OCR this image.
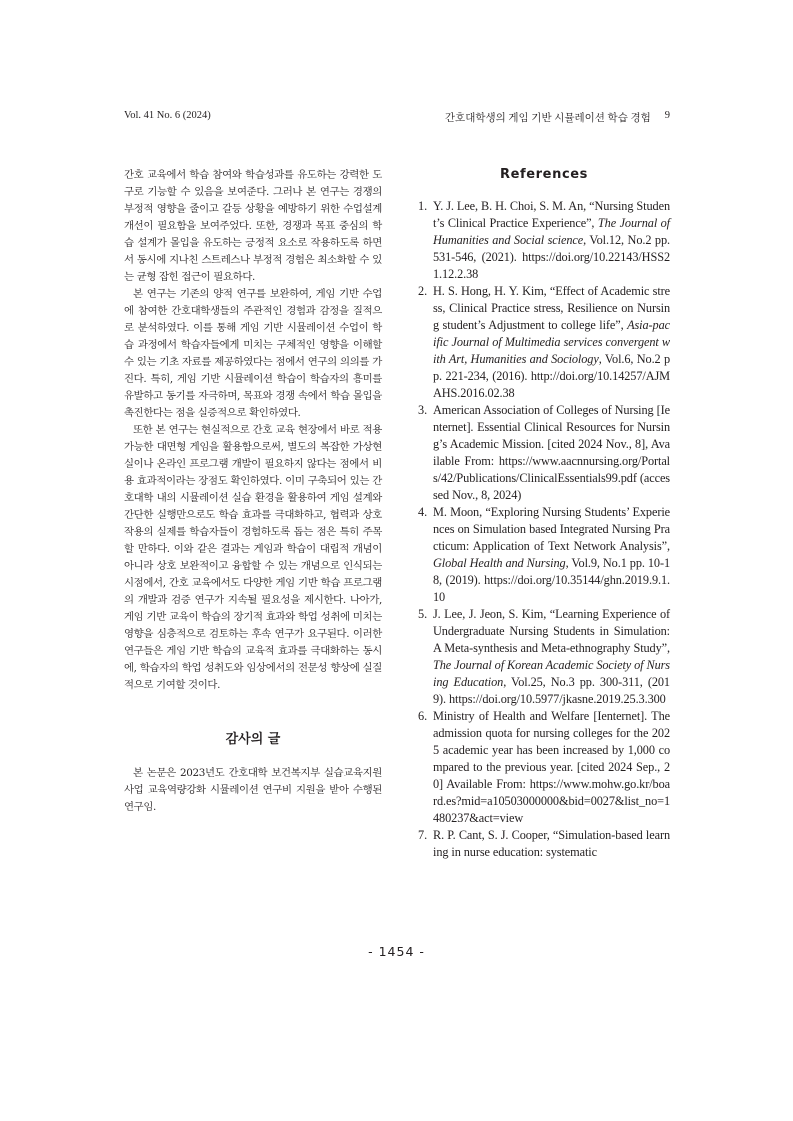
Vol. 41 No. 6 (2024)	간호대학생의 게임 기반 시뮬레이션 학습 경험 9

간호 교육에서 학습 참여와 학습성과를 유도하는 강력한 도구로 기능할 수 있음을 보여준다. 그러나 본 연구는 경쟁의 부정적 영향을 줄이고 갈등 상황을 예방하기 위한 수업설계 개선이 필요함을 보여주었다. 또한, 경쟁과 목표 중심의 학습 설계가 몰입을 유도하는 긍정적 요소로 작용하도록 하면서 동시에 지나친 스트레스나 부정적 경험은 최소화할 수 있는 균형 잡힌 접근이 필요하다.

본 연구는 기존의 양적 연구를 보완하여, 게임 기반 수업에 참여한 간호대학생들의 주관적인 경험과 감정을 질적으로 분석하였다. 이를 통해 게임 기반 시뮬레이션 수업이 학습 과정에서 학습자들에게 미치는 구체적인 영향을 이해할 수 있는 기초 자료를 제공하였다는 점에서 연구의 의의를 가진다. 특히, 게임 기반 시뮬레이션 학습이 학습자의 흥미를 유발하고 동기를 자극하며, 목표와 경쟁 속에서 학습 몰입을 촉진한다는 점을 실증적으로 확인하였다.

또한 본 연구는 현실적으로 간호 교육 현장에서 바로 적용 가능한 대면형 게임을 활용함으로써, 별도의 복잡한 가상현실이나 온라인 프로그램 개발이 필요하지 않다는 점에서 비용 효과적이라는 장점도 확인하였다. 이미 구축되어 있는 간호대학 내의 시뮬레이션 실습 환경을 활용하여 게임 설계와 간단한 실행만으로도 학습 효과를 극대화하고, 협력과 상호작용의 실제를 학습자들이 경험하도록 돕는 점은 특히 주목할 만하다. 이와 같은 결과는 게임과 학습이 대립적 개념이 아니라 상호 보완적이고 융합할 수 있는 개념으로 인식되는 시점에서, 간호 교육에서도 다양한 게임 기반 학습 프로그램의 개발과 검증 연구가 지속될 필요성을 제시한다. 나아가, 게임 기반 교육이 학습의 장기적 효과와 학업 성취에 미치는 영향을 심층적으로 검토하는 후속 연구가 요구된다. 이러한 연구들은 게임 기반 학습의 교육적 효과를 극대화하는 동시에, 학습자의 학업 성취도와 임상에서의 전문성 향상에 실질적으로 기여할 것이다.

감사의 글

본 논문은 2023년도 간호대학 보건복지부 실습교육지원사업 교육역량강화 시뮬레이션 연구비 지원을 받아 수행된 연구임.

References
1. Y. J. Lee, B. H. Choi, S. M. An, “Nursing Student’s Clinical Practice Experience”, The Journal of Humanities and Social science, Vol.12, No.2 pp. 531-546, (2021). https://doi.org/10.22143/HSS21.12.2.38
2. H. S. Hong, H. Y. Kim, “Effect of Academic stress, Clinical Practice stress, Resilience on Nursing student’s Adjustment to college life”, Asia-pacific Journal of Multimedia services convergent with Art, Humanities and Sociology, Vol.6, No.2 pp. 221-234, (2016). http://doi.org/10.14257/AJMAHS.2016.02.38
3. American Association of Colleges of Nursing [Ienternet]. Essential Clinical Resources for Nursing’s Academic Mission. [cited 2024 Nov., 8], Available From: https://www.aacnnursing.org/Portals/42/Publications/ClinicalEssentials99.pdf (accessed Nov., 8, 2024)
4. M. Moon, “Exploring Nursing Students’ Experiences on Simulation based Integrated Nursing Practicum: Application of Text Network Analysis”, Global Health and Nursing, Vol.9, No.1 pp. 10-18, (2019). https://doi.org/10.35144/ghn.2019.9.1.10
5. J. Lee, J. Jeon, S. Kim, “Learning Experience of Undergraduate Nursing Students in Simulation: A Meta-synthesis and Meta-ethnography Study”, The Journal of Korean Academic Society of Nursing Education, Vol.25, No.3 pp. 300-311, (2019). https://doi.org/10.5977/jkasne.2019.25.3.300
6. Ministry of Health and Welfare [Ienternet]. The admission quota for nursing colleges for the 2025 academic year has been increased by 1,000 compared to the previous year. [cited 2024 Sep., 20] Available From: https://www.mohw.go.kr/board.es?mid=a10503000000&bid=0027&list_no=1480237&act=view
7. R. P. Cant, S. J. Cooper, “Simulation-based learning in nurse education: systematic
- 1454 -
